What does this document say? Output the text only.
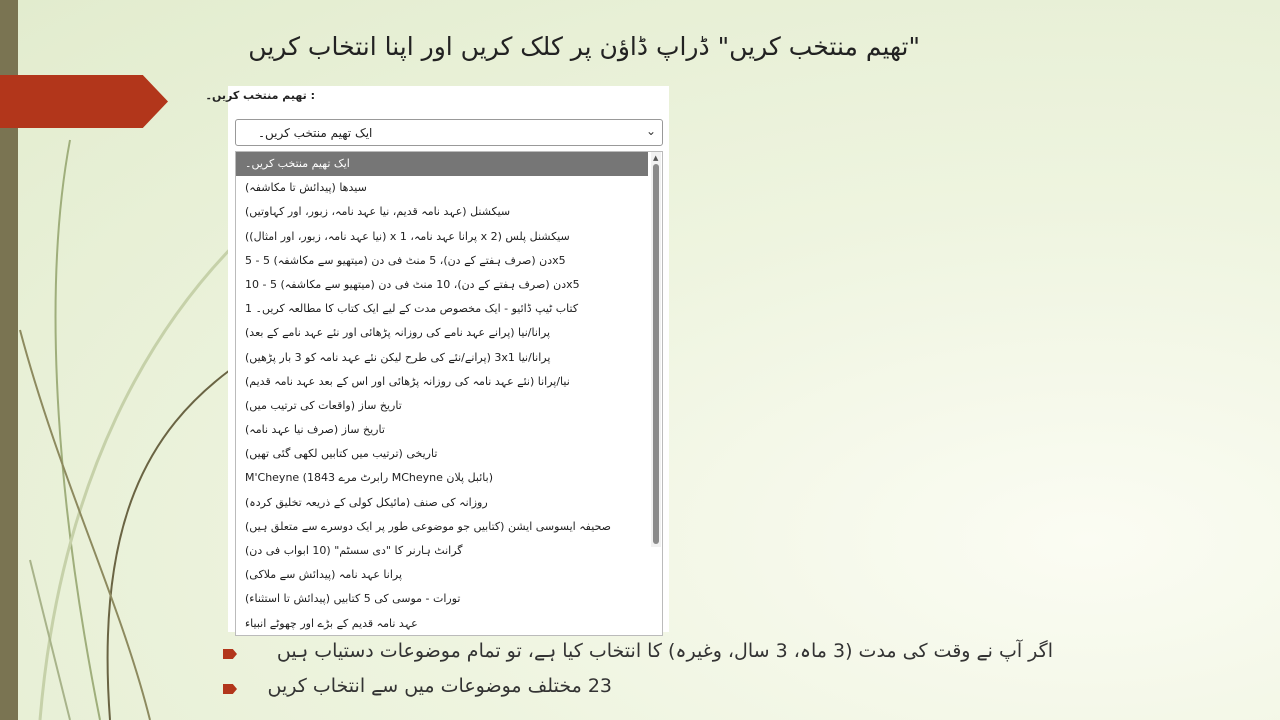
"تھیم منتخب کریں" ڈراپ ڈاؤن پر کلک کریں اور اپنا انتخاب کریں
: تھیم منتخب کریں۔
ایک تھیم منتخب کریں۔	⌄
ایک تھیم منتخب کریں۔
سیدھا (پیدائش تا مکاشفہ)
سیکشنل (عہد نامہ قدیم، نیا عہد نامہ، زبور، اور کہاوتیں)
((نیا عہد نامہ، زبور، اور امثال) x پرانا عہد نامہ، 1 x 2) سیکشنل پلس
دن (صرف ہفتے کے دن)، 5 منٹ فی دن (میتھیو سے مکاشفہ) 5 - 5x5
دن (صرف ہفتے کے دن)، 10 منٹ فی دن (میتھیو سے مکاشفہ) 5 - 10x5
کتاب ٹیپ ڈائیو - ایک مخصوص مدت کے لیے ایک کتاب کا مطالعہ کریں۔ 1
پرانا/نیا (پرانے عہد نامے کی روزانہ پڑھائی اور نئے عہد نامے کے بعد)
(پرانے/نئے کی طرح لیکن نئے عہد نامہ کو 3 بار پڑھیں) 3xپرانا/نیا 1
نیا/پرانا (نئے عہد نامہ کی روزانہ پڑھائی اور اس کے بعد عہد نامہ قدیم)
تاریخ ساز (واقعات کی ترتیب میں)
تاریخ ساز (صرف نیا عہد نامہ)
تاریخی (ترتیب میں کتابیں لکھی گئی تھیں)
M'Cheyne (1843 رابرٹ مرے MCheyne بائبل پلان)
روزانہ کی صنف (مائیکل کولی کے ذریعہ تخلیق کردہ)
صحیفہ ایسوسی ایشن (کتابیں جو موضوعی طور پر ایک دوسرے سے متعلق ہیں)
گرانٹ ہارنر کا "دی سسٹم" (10 ابواب فی دن)
پرانا عہد نامہ (پیدائش سے ملاکی)
تورات - موسی کی 5 کتابیں (پیدائش تا استثناء)
عہد نامہ قدیم کے بڑے اور چھوٹے انبیاء
▲
اگر آپ نے وقت کی مدت (3 ماہ، 3 سال، وغیرہ) کا انتخاب کیا ہے، تو تمام موضوعات دستیاب ہیں
23 مختلف موضوعات میں سے انتخاب کریں
